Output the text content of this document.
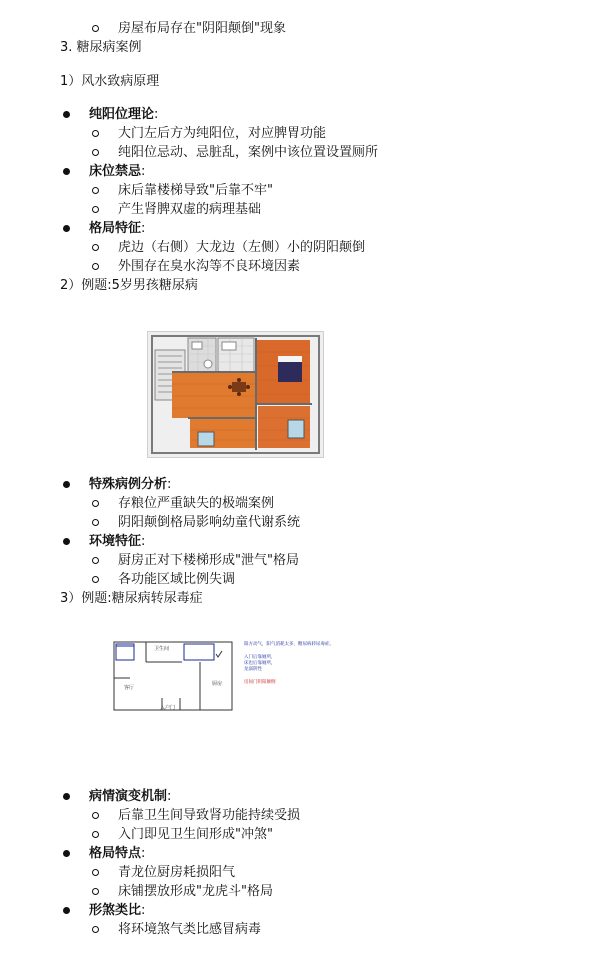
房屋布局存在"阴阳颠倒"现象
3. 糖尿病案例
1）风水致病原理
纯阳位理论:
大门左后方为纯阳位，对应脾胃功能
纯阳位忌动、忌脏乱，案例中该位置设置厕所
床位禁忌:
床后靠楼梯导致"后靠不牢"
产生肾脾双虚的病理基础
格局特征:
虎边（右侧）大龙边（左侧）小的阴阳颠倒
外围存在臭水沟等不良环境因素
2）例题:5岁男孩糖尿病
特殊病例分析:
存粮位严重缺失的极端案例
阴阳颠倒格局影响幼童代谢系统
环境特征:
厨房正对下楼梯形成"泄气"格局
各功能区域比例失调
3）例题:糖尿病转尿毒症
卫生间
客厅
厨房
入户门
阳方动气，阳气消耗太多，糖尿病转尿毒症。
入门后靠厕所，
床也后靠厕所，
龙弱阴性
房间门阴阳颠倒
病情演变机制:
后靠卫生间导致肾功能持续受损
入门即见卫生间形成"冲煞"
格局特点:
青龙位厨房耗损阳气
床铺摆放形成"龙虎斗"格局
形煞类比:
将环境煞气类比感冒病毒
